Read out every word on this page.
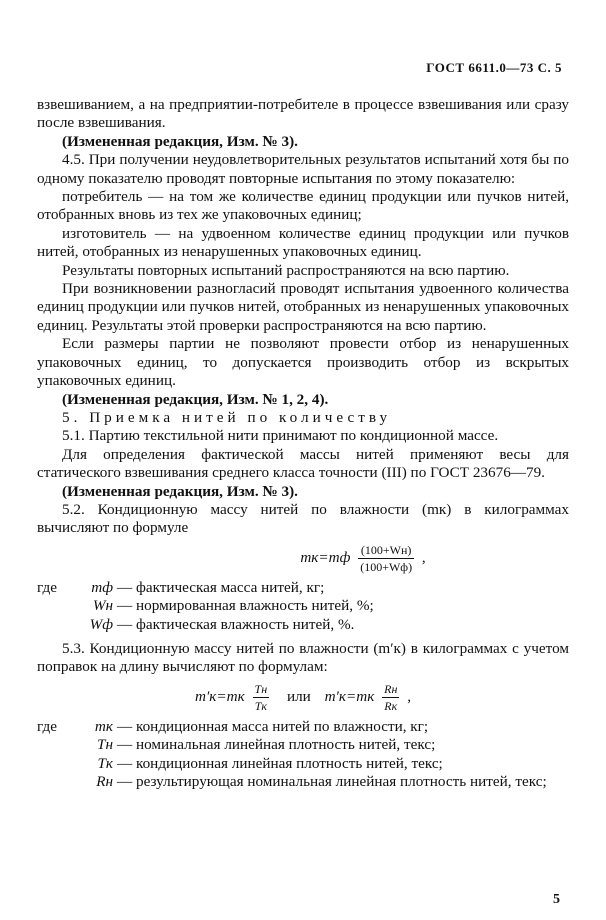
ГОСТ 6611.0—73 С. 5

взвешиванием, а на предприятии-потребителе в процессе взвешивания или сразу после взвешивания.

(Измененная редакция, Изм. № 3).

4.5. При получении неудовлетворительных результатов испытаний хотя бы по одному показателю проводят повторные испытания по этому показателю:

потребитель — на том же количестве единиц продукции или пучков нитей, отобранных вновь из тех же упаковочных единиц;

изготовитель — на удвоенном количестве единиц продукции или пучков нитей, отобранных из ненарушенных упаковочных единиц.

Результаты повторных испытаний распространяются на всю партию.

При возникновении разногласий проводят испытания удвоенного количества единиц продукции или пучков нитей, отобранных из ненарушенных упаковочных единиц. Результаты этой проверки распространяются на всю партию.

Если размеры партии не позволяют провести отбор из ненарушенных упаковочных единиц, то допускается производить отбор из вскрытых упаковочных единиц.

(Измененная редакция, Изм. № 1, 2, 4).

5. Приемка нитей по количеству

5.1. Партию текстильной нити принимают по кондиционной массе.

Для определения фактической массы нитей применяют весы для статического взвешивания среднего класса точности (III) по ГОСТ 23676—79.

(Измененная редакция, Изм. № 3).

5.2. Кондиционную массу нитей по влажности (mк) в килограммах вычисляют по формуле

$mк=mф \frac{(100+Wн)}{(100+Wф)}$ ,
где mф — фактическая масса нитей, кг;
Wн — нормированная влажность нитей, %;
Wф — фактическая влажность нитей, %.

5.3. Кондиционную массу нитей по влажности (m′к) в килограммах с учетом поправок на длину вычисляют по формулам:

$m'к=mк \frac{Tн}{Tк}$ или $m'к=mк \frac{Rн}{Rк}$ ,
где mк — кондиционная масса нитей по влажности, кг;
Tн — номинальная линейная плотность нитей, текс;
Tк — кондиционная линейная плотность нитей, текс;
Rн — результирующая номинальная линейная плотность нитей, текс;
5
